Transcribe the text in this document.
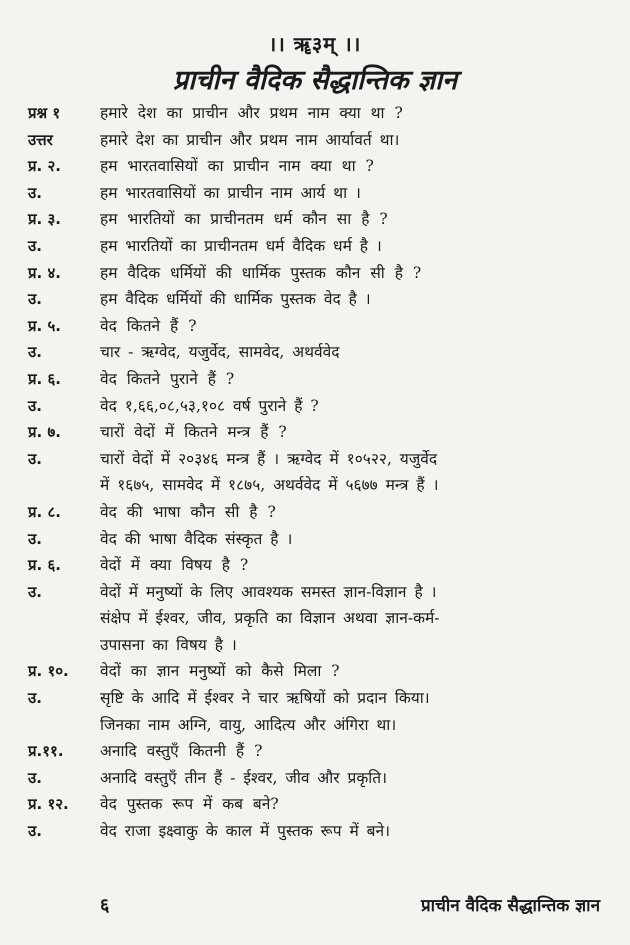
।। ॠ३म् ।।
प्राचीन वैदिक सैद्धान्तिक ज्ञान
प्रश्न १	हमारे देश का प्राचीन और प्रथम नाम क्या था ?
उत्तर	हमारे देश का प्राचीन और प्रथम नाम आर्यावर्त था।
प्र. २.	हम भारतवासियों का प्राचीन नाम क्या था ?
उ.	हम भारतवासियों का प्राचीन नाम आर्य था ।
प्र. ३.	हम भारतियों का प्राचीनतम धर्म कौन सा है ?
उ.	हम भारतियों का प्राचीनतम धर्म वैदिक धर्म है ।
प्र. ४.	हम वैदिक धर्मियों की धार्मिक पुस्तक कौन सी है ?
उ.	हम वैदिक धर्मियों की धार्मिक पुस्तक वेद है ।
प्र. ५.	वेद कितने हैं ?
उ.	चार - ऋग्वेद, यजुर्वेद, सामवेद, अथर्ववेद
प्र. ६.	वेद कितने पुराने हैं ?
उ.	वेद १,६६,०८,५३,१०८ वर्ष पुराने हैं ?
प्र. ७.	चारों वेदों में कितने मन्त्र हैं ?
उ.	चारों वेदों में २०३४६ मन्त्र हैं । ऋग्वेद में १०५२२, यजुर्वेद
में १६७५, सामवेद में १८७५, अथर्ववेद में ५६७७ मन्त्र हैं ।
प्र. ८.	वेद की भाषा कौन सी है ?
उ.	वेद की भाषा वैदिक संस्कृत है ।
प्र. ६.	वेदों में क्या विषय है ?
उ.	वेदों में मनुष्यों के लिए आवश्यक समस्त ज्ञान-विज्ञान है ।
संक्षेप में ईश्वर, जीव, प्रकृति का विज्ञान अथवा ज्ञान-कर्म-
उपासना का विषय है ।
प्र. १०.	वेदों का ज्ञान मनुष्यों को कैसे मिला ?
उ.	सृष्टि के आदि में ईश्वर ने चार ऋषियों को प्रदान किया।
जिनका नाम अग्नि, वायु, आदित्य और अंगिरा था।
प्र.११.	अनादि वस्तुएँ कितनी हैं ?
उ.	अनादि वस्तुएँ तीन हैं - ईश्वर, जीव और प्रकृति।
प्र. १२.	वेद पुस्तक रूप में कब बने?
उ.	वेद राजा इक्ष्वाकु के काल में पुस्तक रूप में बने।
६	प्राचीन वैदिक सैद्धान्तिक ज्ञान
